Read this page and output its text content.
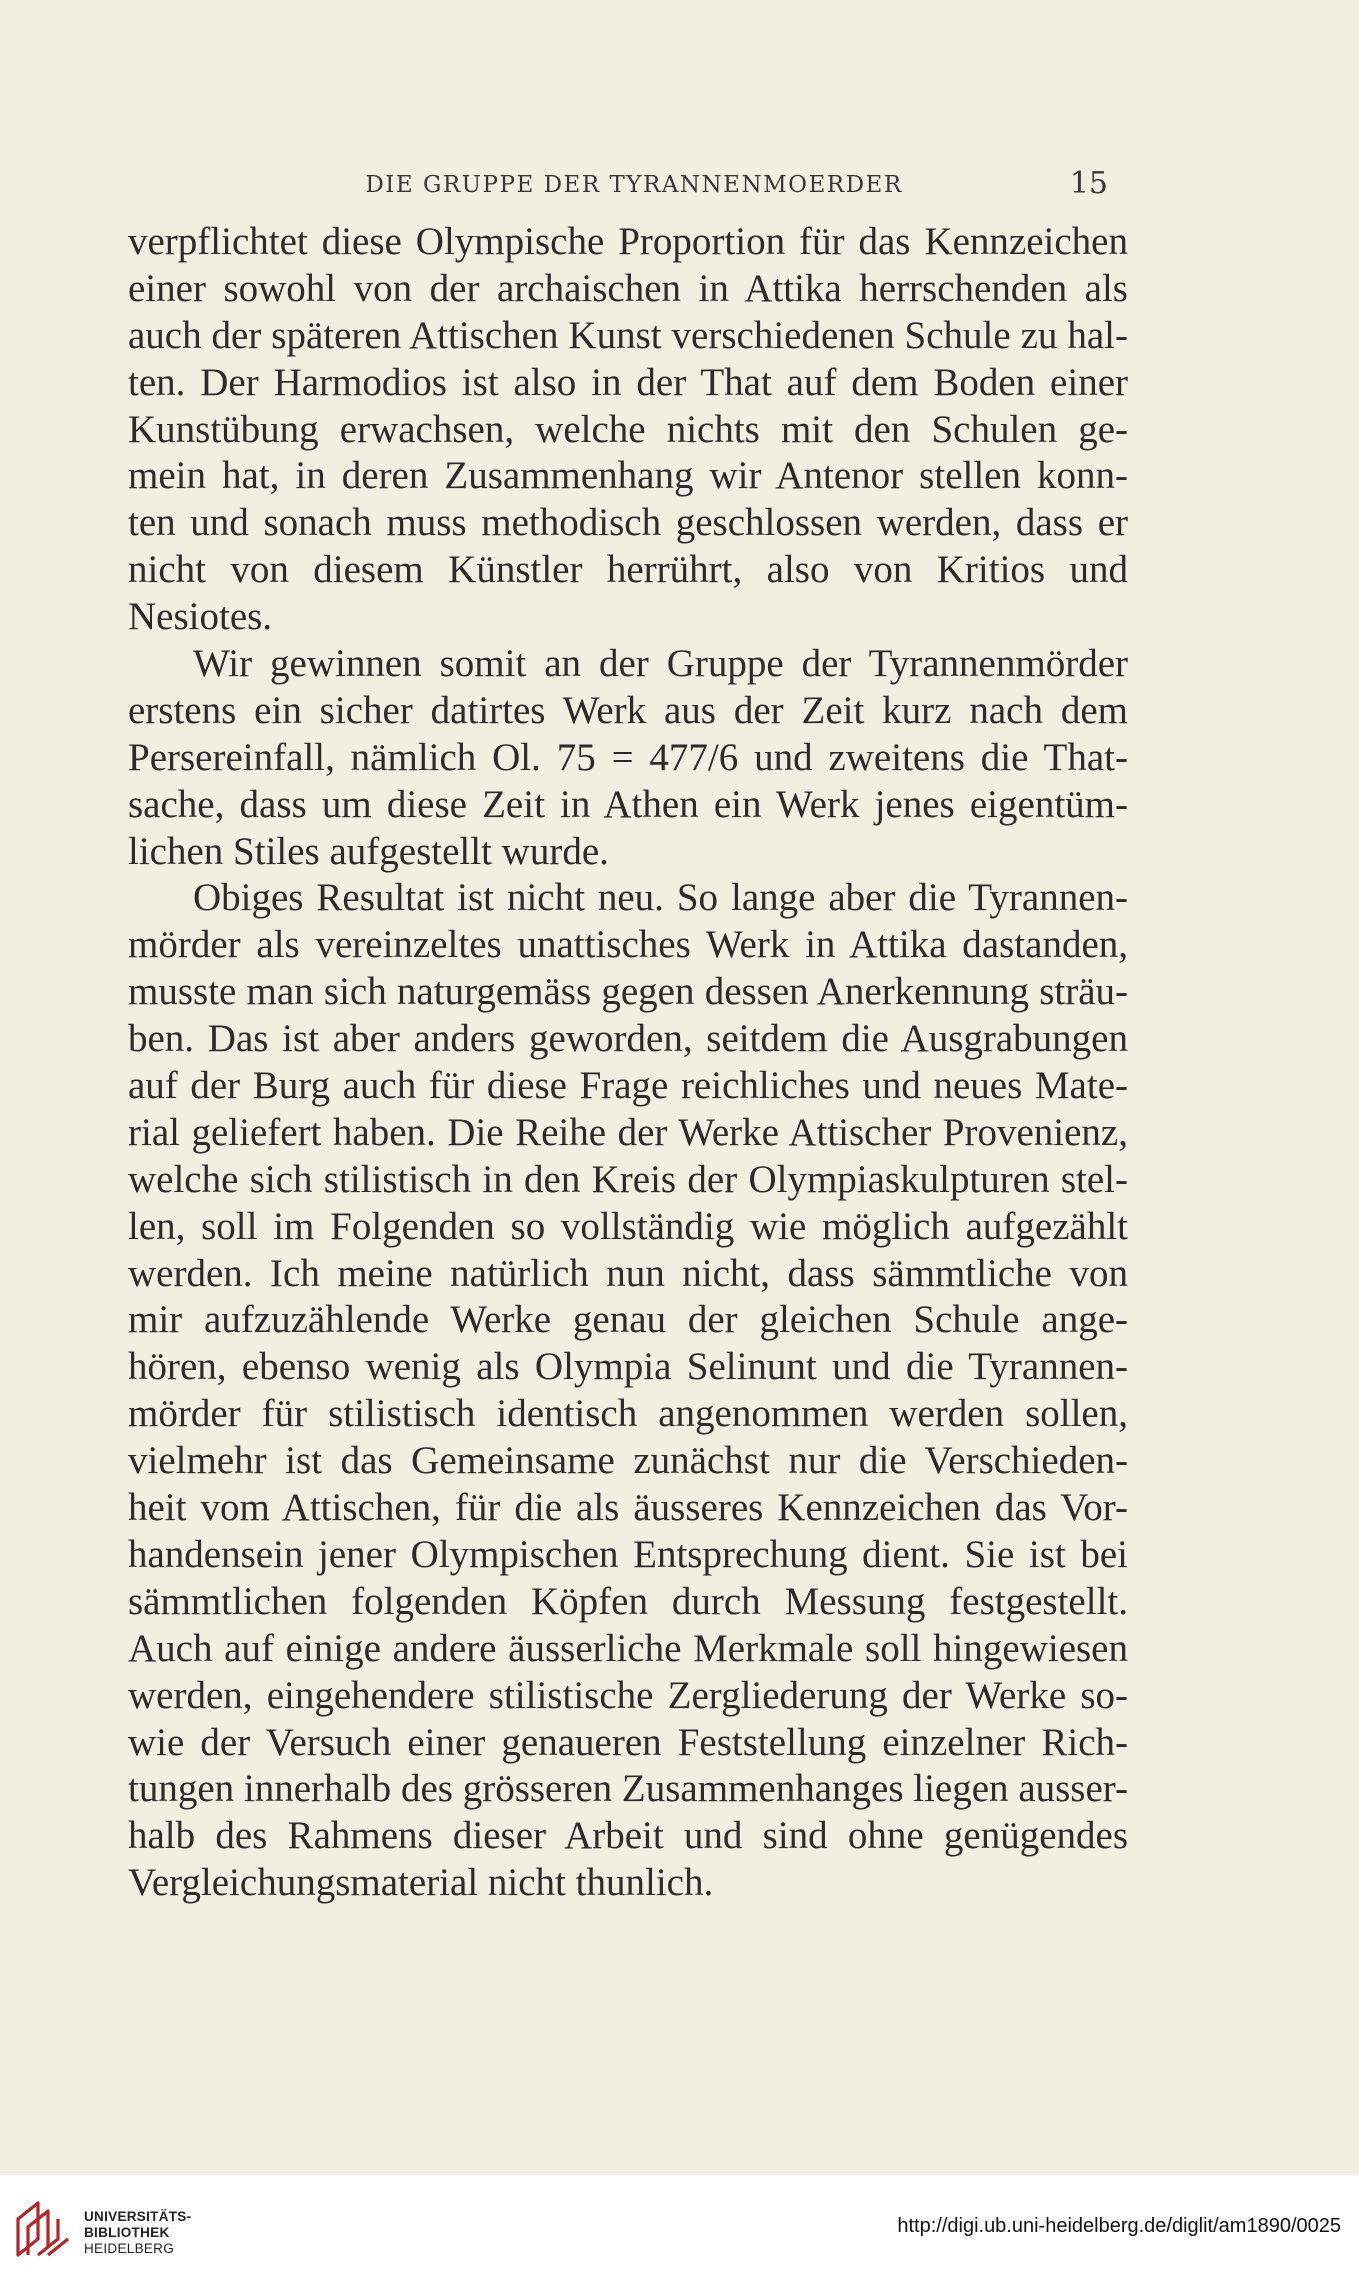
DIE GRUPPE DER TYRANNENMOERDER	15
verpflichtet diese Olympische Proportion für das Kennzeichen
einer sowohl von der archaischen in Attika herrschenden als
auch der späteren Attischen Kunst verschiedenen Schule zu hal-
ten. Der Harmodios ist also in der That auf dem Boden einer
Kunstübung erwachsen, welche nichts mit den Schulen ge-
mein hat, in deren Zusammenhang wir Antenor stellen konn-
ten und sonach muss methodisch geschlossen werden, dass er
nicht von diesem Künstler herrührt, also von Kritios und
Nesiotes.
Wir gewinnen somit an der Gruppe der Tyrannenmörder
erstens ein sicher datirtes Werk aus der Zeit kurz nach dem
Persereinfall, nämlich Ol. 75 = 477/6 und zweitens die That-
sache, dass um diese Zeit in Athen ein Werk jenes eigentüm-
lichen Stiles aufgestellt wurde.
Obiges Resultat ist nicht neu. So lange aber die Tyrannen-
mörder als vereinzeltes unattisches Werk in Attika dastanden,
musste man sich naturgemäss gegen dessen Anerkennung sträu-
ben. Das ist aber anders geworden, seitdem die Ausgrabungen
auf der Burg auch für diese Frage reichliches und neues Mate-
rial geliefert haben. Die Reihe der Werke Attischer Provenienz,
welche sich stilistisch in den Kreis der Olympiaskulpturen stel-
len, soll im Folgenden so vollständig wie möglich aufgezählt
werden. Ich meine natürlich nun nicht, dass sämmtliche von
mir aufzuzählende Werke genau der gleichen Schule ange-
hören, ebenso wenig als Olympia Selinunt und die Tyrannen-
mörder für stilistisch identisch angenommen werden sollen,
vielmehr ist das Gemeinsame zunächst nur die Verschieden-
heit vom Attischen, für die als äusseres Kennzeichen das Vor-
handensein jener Olympischen Entsprechung dient. Sie ist bei
sämmtlichen folgenden Köpfen durch Messung festgestellt.
Auch auf einige andere äusserliche Merkmale soll hingewiesen
werden, eingehendere stilistische Zergliederung der Werke so-
wie der Versuch einer genaueren Feststellung einzelner Rich-
tungen innerhalb des grösseren Zusammenhanges liegen ausser-
halb des Rahmens dieser Arbeit und sind ohne genügendes
Vergleichungsmaterial nicht thunlich.
UNIVERSITÄTS-
BIBLIOTHEK
HEIDELBERG
http://digi.ub.uni-heidelberg.de/diglit/am1890/0025
